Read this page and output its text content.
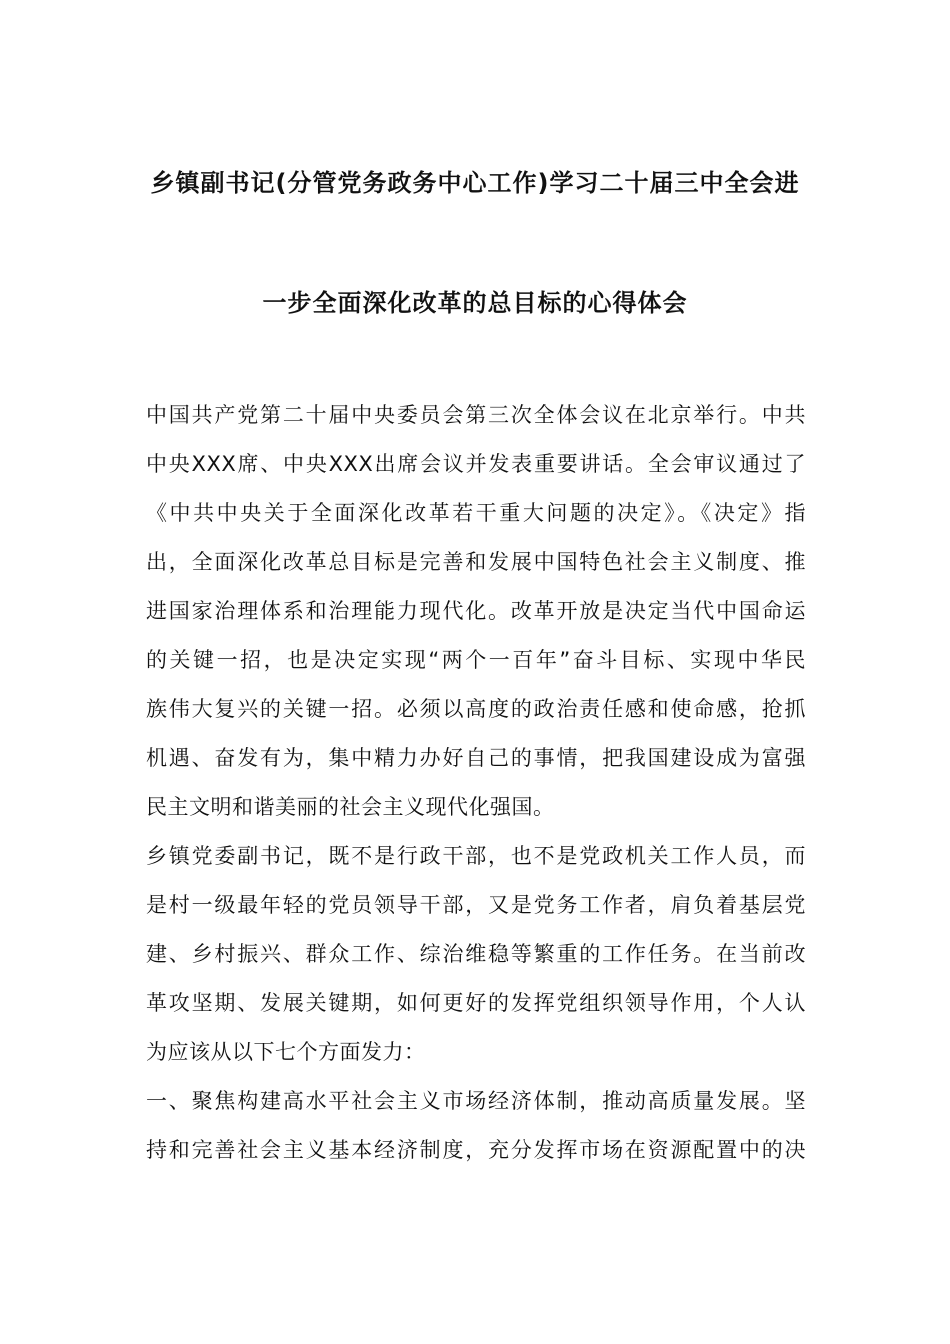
乡镇副书记(分管党务政务中心工作)学习二十届三中全会进
一步全面深化改革的总目标的心得体会
中国共产党第二十届中央委员会第三次全体会议在北京举行。中共
中央XXX席、中央XXX出席会议并发表重要讲话。全会审议通过了
《中共中央关于全面深化改革若干重大问题的决定》。《决定》指
出，全面深化改革总目标是完善和发展中国特色社会主义制度、推
进国家治理体系和治理能力现代化。改革开放是决定当代中国命运
的关键一招，也是决定实现“两个一百年”奋斗目标、实现中华民
族伟大复兴的关键一招。必须以高度的政治责任感和使命感，抢抓
机遇、奋发有为，集中精力办好自己的事情，把我国建设成为富强
民主文明和谐美丽的社会主义现代化强国。
乡镇党委副书记，既不是行政干部，也不是党政机关工作人员，而
是村一级最年轻的党员领导干部，又是党务工作者，肩负着基层党
建、乡村振兴、群众工作、综治维稳等繁重的工作任务。在当前改
革攻坚期、发展关键期，如何更好的发挥党组织领导作用，个人认
为应该从以下七个方面发力：
一、聚焦构建高水平社会主义市场经济体制，推动高质量发展。坚
持和完善社会主义基本经济制度，充分发挥市场在资源配置中的决
